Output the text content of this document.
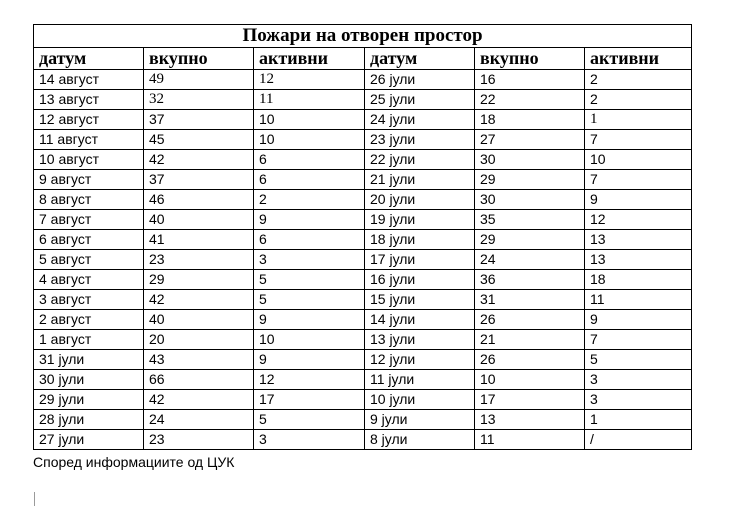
Пожари на отворен простор					
датум	вкупно	активни	датум	вкупно	активни
14 август	49	12	26 јули	16	2
13 август	32	11	25 јули	22	2
12 август	37	10	24 јули	18	1
11 август	45	10	23 јули	27	7
10 август	42	6	22 јули	30	10
9 август	37	6	21 јули	29	7
8 август	46	2	20 јули	30	9
7 август	40	9	19 јули	35	12
6 август	41	6	18 јули	29	13
5 август	23	3	17 јули	24	13
4 август	29	5	16 јули	36	18
3 август	42	5	15 јули	31	11
2 август	40	9	14 јули	26	9
1 август	20	10	13 јули	21	7
31 јули	43	9	12 јули	26	5
30 јули	66	12	11 јули	10	3
29 јули	42	17	10 јули	17	3
28 јули	24	5	9 јули	13	1
27 јули	23	3	8 јули	11	/
Според информациите од ЦУК
